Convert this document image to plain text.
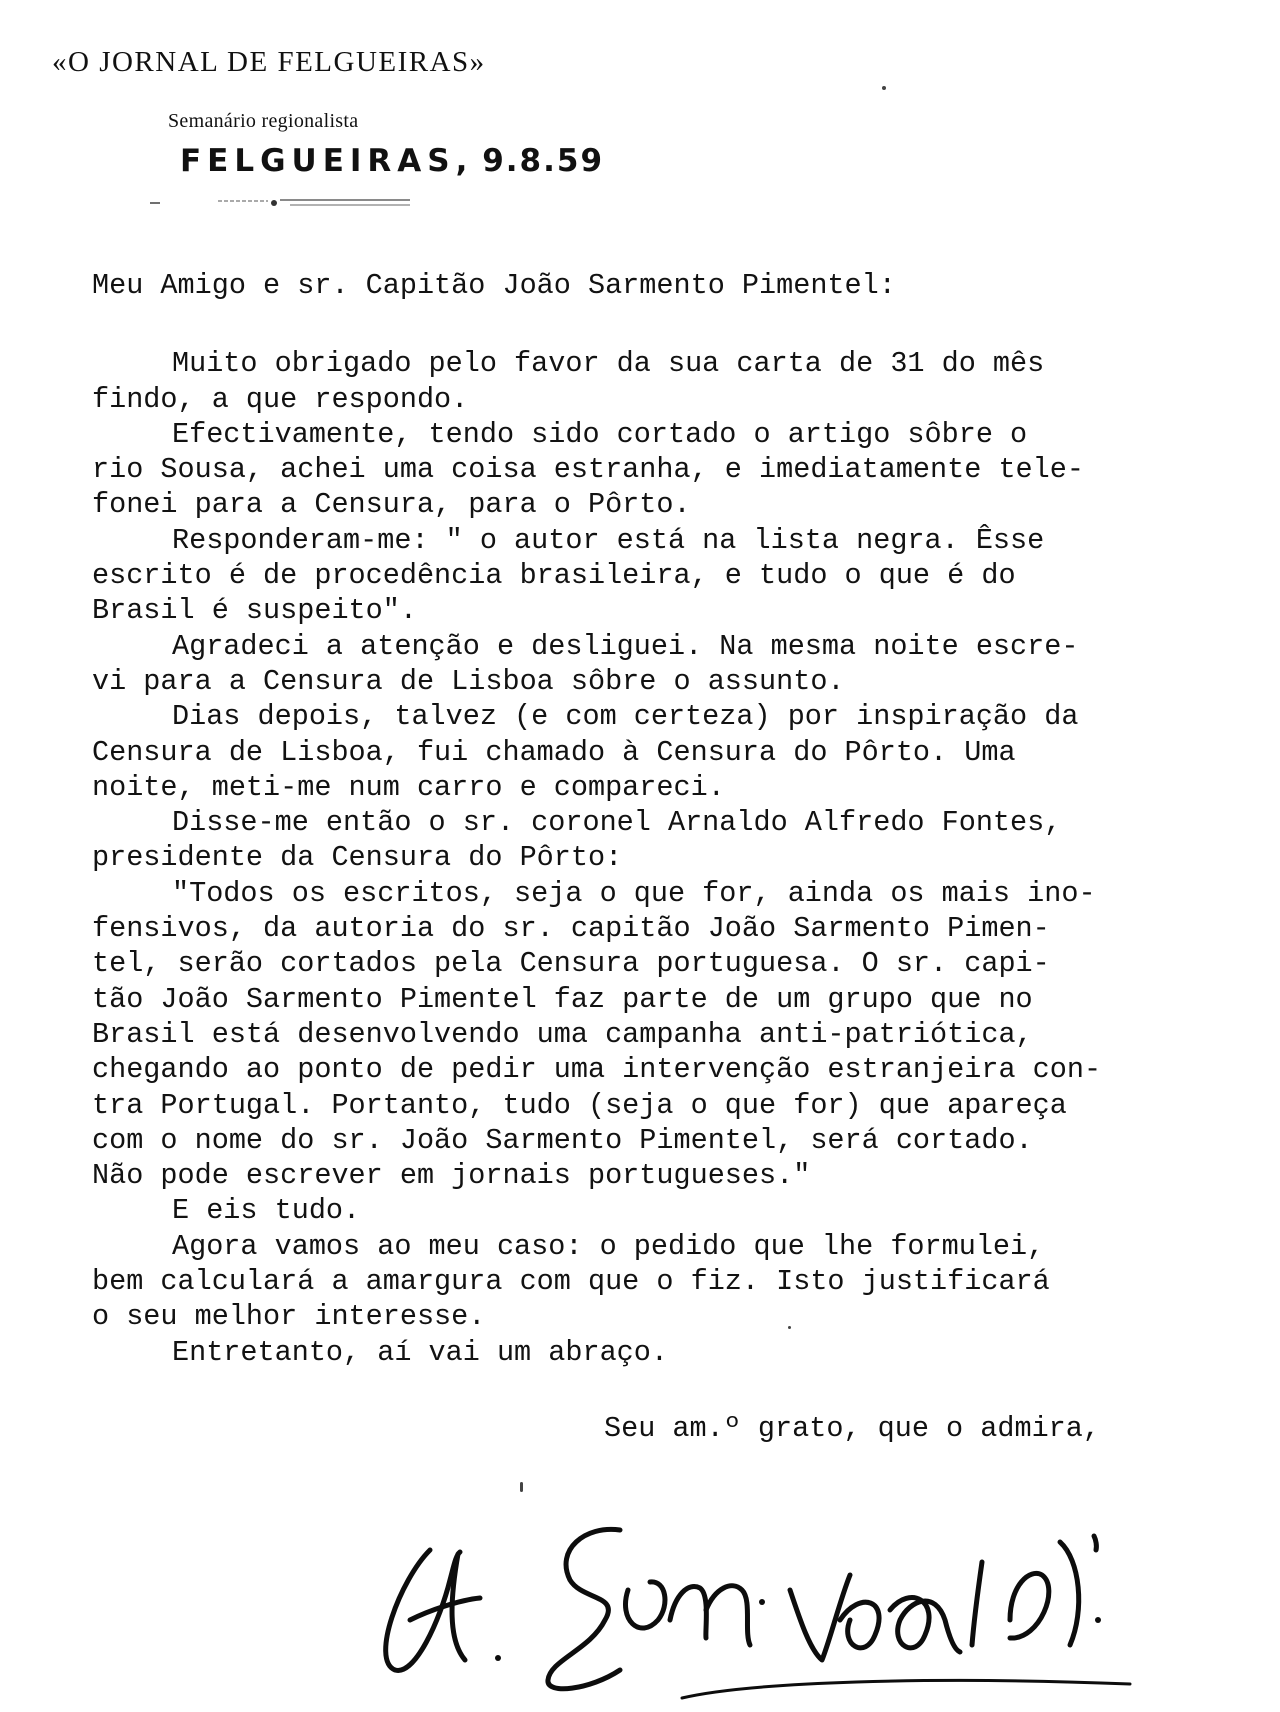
«O JORNAL DE FELGUEIRAS»
Semanário regionalista
FELGUEIRAS, 9.8.59
Meu Amigo e sr. Capitão João Sarmento Pimentel:
Muito obrigado pelo favor da sua carta de 31 do mês
findo, a que respondo.
Efectivamente, tendo sido cortado o artigo sôbre o
rio Sousa, achei uma coisa estranha, e imediatamente tele-
fonei para a Censura, para o Pôrto.
Responderam-me: " o autor está na lista negra. Êsse
escrito é de procedência brasileira, e tudo o que é do
Brasil é suspeito".
Agradeci a atenção e desliguei. Na mesma noite escre-
vi para a Censura de Lisboa sôbre o assunto.
Dias depois, talvez (e com certeza) por inspiração da
Censura de Lisboa, fui chamado à Censura do Pôrto. Uma
noite, meti-me num carro e compareci.
Disse-me então o sr. coronel Arnaldo Alfredo Fontes,
presidente da Censura do Pôrto:
"Todos os escritos, seja o que for, ainda os mais ino-
fensivos, da autoria do sr. capitão João Sarmento Pimen-
tel, serão cortados pela Censura portuguesa. O sr. capi-
tão João Sarmento Pimentel faz parte de um grupo que no
Brasil está desenvolvendo uma campanha anti-patriótica,
chegando ao ponto de pedir uma intervenção estranjeira con-
tra Portugal. Portanto, tudo (seja o que for) que apareça
com o nome do sr. João Sarmento Pimentel, será cortado.
Não pode escrever em jornais portugueses."
E eis tudo.
Agora vamos ao meu caso: o pedido que lhe formulei,
bem calculará a amargura com que o fiz. Isto justificará
o seu melhor interesse.
Entretanto, aí vai um abraço.
Seu am.º grato, que o admira,
